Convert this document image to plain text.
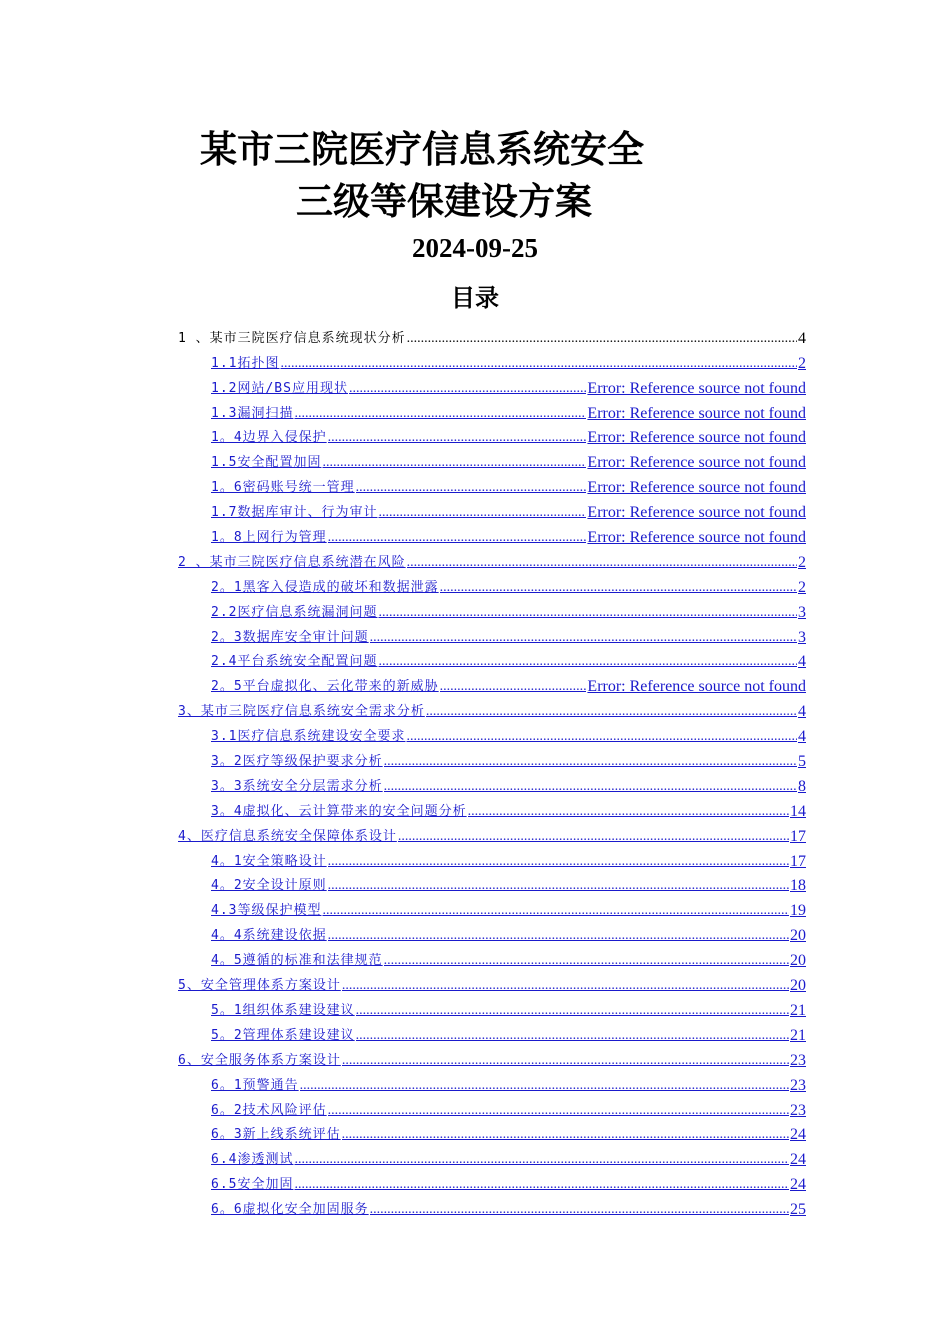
某市三院医疗信息系统安全
三级等保建设方案
2024-09-25
目录
1 、某市三院医疗信息系统现状分析 .....	4
1.1拓扑图 .....	2
1.2网站/BS应用现状 .....	Error: Reference source not found
1.3漏洞扫描 .....	Error: Reference source not found
1。4边界入侵保护 .....	Error: Reference source not found
1.5安全配置加固 .....	Error: Reference source not found
1。6密码账号统一管理 .....	Error: Reference source not found
1.7数据库审计、行为审计 .....	Error: Reference source not found
1。8上网行为管理 .....	Error: Reference source not found
2 、某市三院医疗信息系统潜在风险 .....	2
2。1黑客入侵造成的破坏和数据泄露 .....	2
2.2医疗信息系统漏洞问题 .....	3
2。3数据库安全审计问题 .....	3
2.4平台系统安全配置问题 .....	4
2。5平台虚拟化、云化带来的新威胁 .....	Error: Reference source not found
3、某市三院医疗信息系统安全需求分析 .....	4
3.1医疗信息系统建设安全要求 .....	4
3。2医疗等级保护要求分析 .....	5
3。3系统安全分层需求分析 .....	8
3。4虚拟化、云计算带来的安全问题分析 .....	14
4、医疗信息系统安全保障体系设计 .....	17
4。1安全策略设计 .....	17
4。2安全设计原则 .....	18
4.3等级保护模型 .....	19
4。4系统建设依据 .....	20
4。5遵循的标准和法律规范 .....	20
5、安全管理体系方案设计 .....	20
5。1组织体系建设建议 .....	21
5。2管理体系建设建议 .....	21
6、安全服务体系方案设计 .....	23
6。1预警通告 .....	23
6。2技术风险评估 .....	23
6。3新上线系统评估 .....	24
6.4渗透测试 .....	24
6.5安全加固 .....	24
6。6虚拟化安全加固服务 .....	25
